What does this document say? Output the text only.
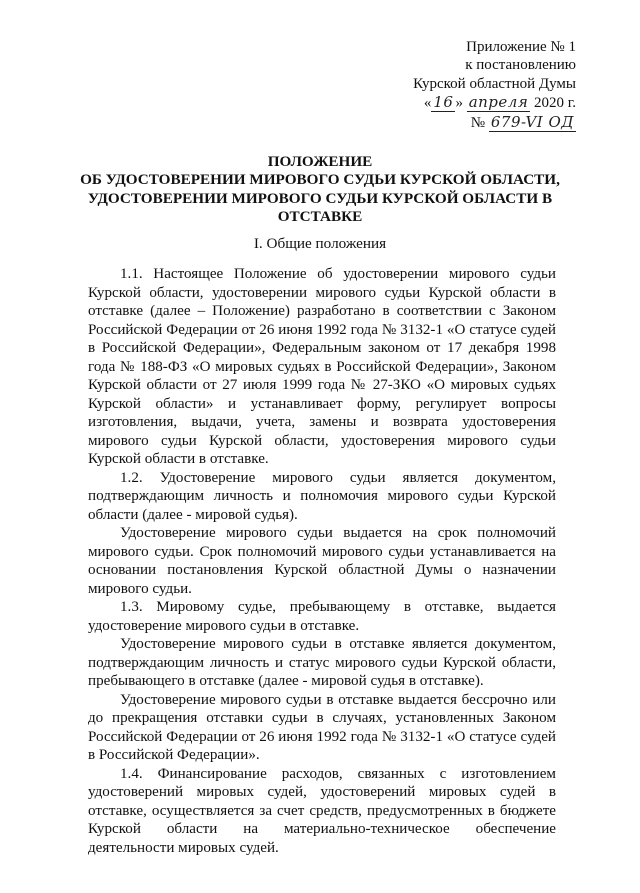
Приложение № 1
к постановлению
Курской областной Думы
« 16 » апреля 2020 г.
№ 679-VI ОД
ПОЛОЖЕНИЕ
ОБ УДОСТОВЕРЕНИИ МИРОВОГО СУДЬИ КУРСКОЙ ОБЛАСТИ,
УДОСТОВЕРЕНИИ МИРОВОГО СУДЬИ КУРСКОЙ ОБЛАСТИ В
ОТСТАВКЕ
I. Общие положения

1.1. Настоящее Положение об удостоверении мирового судьи Курской области, удостоверении мирового судьи Курской области в отставке (далее – Положение) разработано в соответствии с Законом Российской Федерации от 26 июня 1992 года № 3132-1 «О статусе судей в Российской Федерации», Федеральным законом от 17 декабря 1998 года № 188-ФЗ «О мировых судьях в Российской Федерации», Законом Курской области от 27 июля 1999 года № 27-ЗКО «О мировых судьях Курской области» и устанавливает форму, регулирует вопросы изготовления, выдачи, учета, замены и возврата удостоверения мирового судьи Курской области, удостоверения мирового судьи Курской области в отставке.

1.2. Удостоверение мирового судьи является документом, подтверждающим личность и полномочия мирового судьи Курской области (далее - мировой судья).

Удостоверение мирового судьи выдается на срок полномочий мирового судьи. Срок полномочий мирового судьи устанавливается на основании постановления Курской областной Думы о назначении мирового судьи.

1.3. Мировому судье, пребывающему в отставке, выдается удостоверение мирового судьи в отставке.

Удостоверение мирового судьи в отставке является документом, подтверждающим личность и статус мирового судьи Курской области, пребывающего в отставке (далее - мировой судья в отставке).

Удостоверение мирового судьи в отставке выдается бессрочно или до прекращения отставки судьи в случаях, установленных Законом Российской Федерации от 26 июня 1992 года № 3132-1 «О статусе судей в Российской Федерации».

1.4. Финансирование расходов, связанных с изготовлением удостоверений мировых судей, удостоверений мировых судей в отставке, осуществляется за счет средств, предусмотренных в бюджете Курской области на материально-техническое обеспечение деятельности мировых судей.
